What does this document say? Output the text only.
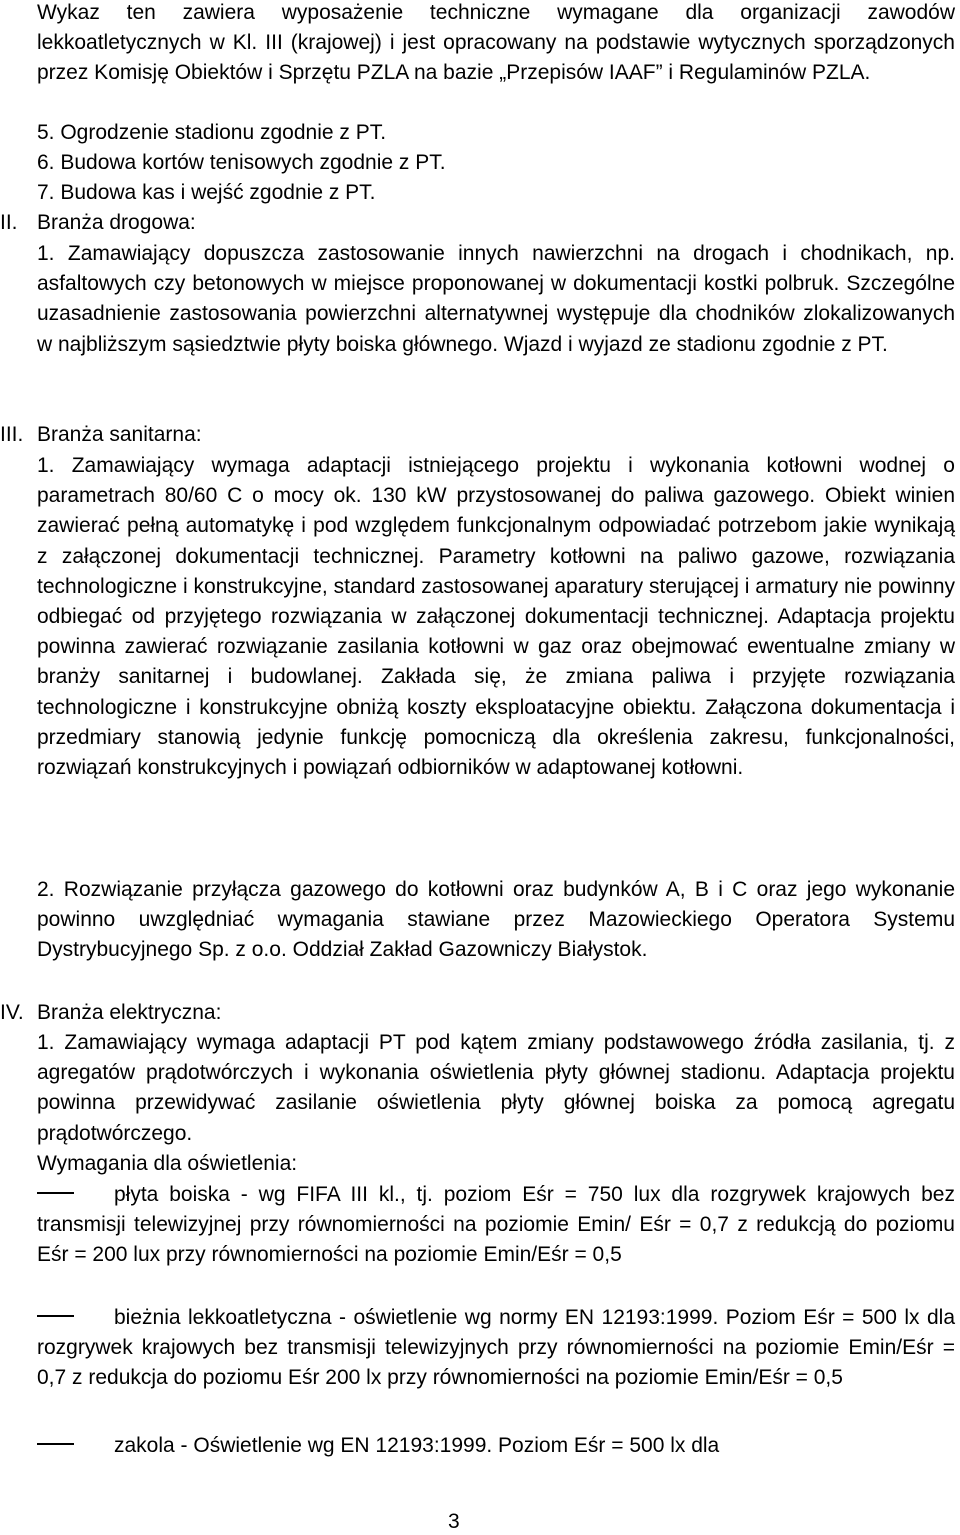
Wykaz ten zawiera wyposażenie techniczne wymagane dla organizacji zawodów lekkoatletycznych w Kl. III (krajowej) i jest opracowany na podstawie wytycznych sporządzonych przez Komisję Obiektów i Sprzętu PZLA na bazie „Przepisów IAAF” i Regulaminów PZLA.

5. Ogrodzenie stadionu zgodnie z PT.

6. Budowa kortów tenisowych zgodnie z PT.

7. Budowa kas i wejść zgodnie z PT.

II. Branża drogowa:

1. Zamawiający dopuszcza zastosowanie innych nawierzchni na drogach i chodnikach, np. asfaltowych czy betonowych w miejsce proponowanej w dokumentacji kostki polbruk. Szczególne uzasadnienie zastosowania powierzchni alternatywnej występuje dla chodników zlokalizowanych w najbliższym sąsiedztwie płyty boiska głównego. Wjazd i wyjazd ze stadionu zgodnie z PT.

III. Branża sanitarna:

1. Zamawiający wymaga adaptacji istniejącego projektu i wykonania kotłowni wodnej o parametrach 80/60 C o mocy ok. 130 kW przystosowanej do paliwa gazowego. Obiekt winien zawierać pełną automatykę i pod względem funkcjonalnym odpowiadać potrzebom jakie wynikają z załączonej dokumentacji technicznej. Parametry kotłowni na paliwo gazowe, rozwiązania technologiczne i konstrukcyjne, standard zastosowanej aparatury sterującej i armatury nie powinny odbiegać od przyjętego rozwiązania w załączonej dokumentacji technicznej. Adaptacja projektu powinna zawierać rozwiązanie zasilania kotłowni w gaz oraz obejmować ewentualne zmiany w branży sanitarnej i budowlanej. Zakłada się, że zmiana paliwa i przyjęte rozwiązania technologiczne i konstrukcyjne obniżą koszty eksploatacyjne obiektu. Załączona dokumentacja i przedmiary stanowią jedynie funkcję pomocniczą dla określenia zakresu, funkcjonalności, rozwiązań konstrukcyjnych i powiązań odbiorników w adaptowanej kotłowni.

2. Rozwiązanie przyłącza gazowego do kotłowni oraz budynków A, B i C oraz jego wykonanie powinno uwzględniać wymagania stawiane przez Mazowieckiego Operatora Systemu Dystrybucyjnego Sp. z o.o. Oddział Zakład Gazowniczy Białystok.

IV. Branża elektryczna:

1. Zamawiający wymaga adaptacji PT pod kątem zmiany podstawowego źródła zasilania, tj. z agregatów prądotwórczych i wykonania oświetlenia płyty głównej stadionu. Adaptacja projektu powinna przewidywać zasilanie oświetlenia płyty głównej boiska za pomocą agregatu prądotwórczego.

Wymagania dla oświetlenia:

płyta boiska - wg FIFA III kl., tj. poziom Eśr = 750 lux dla rozgrywek krajowych bez transmisji telewizyjnej przy równomierności na poziomie Emin/ Eśr = 0,7 z redukcją do poziomu Eśr = 200 lux przy równomierności na poziomie Emin/Eśr = 0,5

bieżnia lekkoatletyczna - oświetlenie wg normy EN 12193:1999. Poziom Eśr = 500 lx dla rozgrywek krajowych bez transmisji telewizyjnych przy równomierności na poziomie Emin/Eśr = 0,7 z redukcja do poziomu Eśr 200 lx przy równomierności na poziomie Emin/Eśr = 0,5

zakola - Oświetlenie wg EN 12193:1999. Poziom Eśr = 500 lx dla

3
